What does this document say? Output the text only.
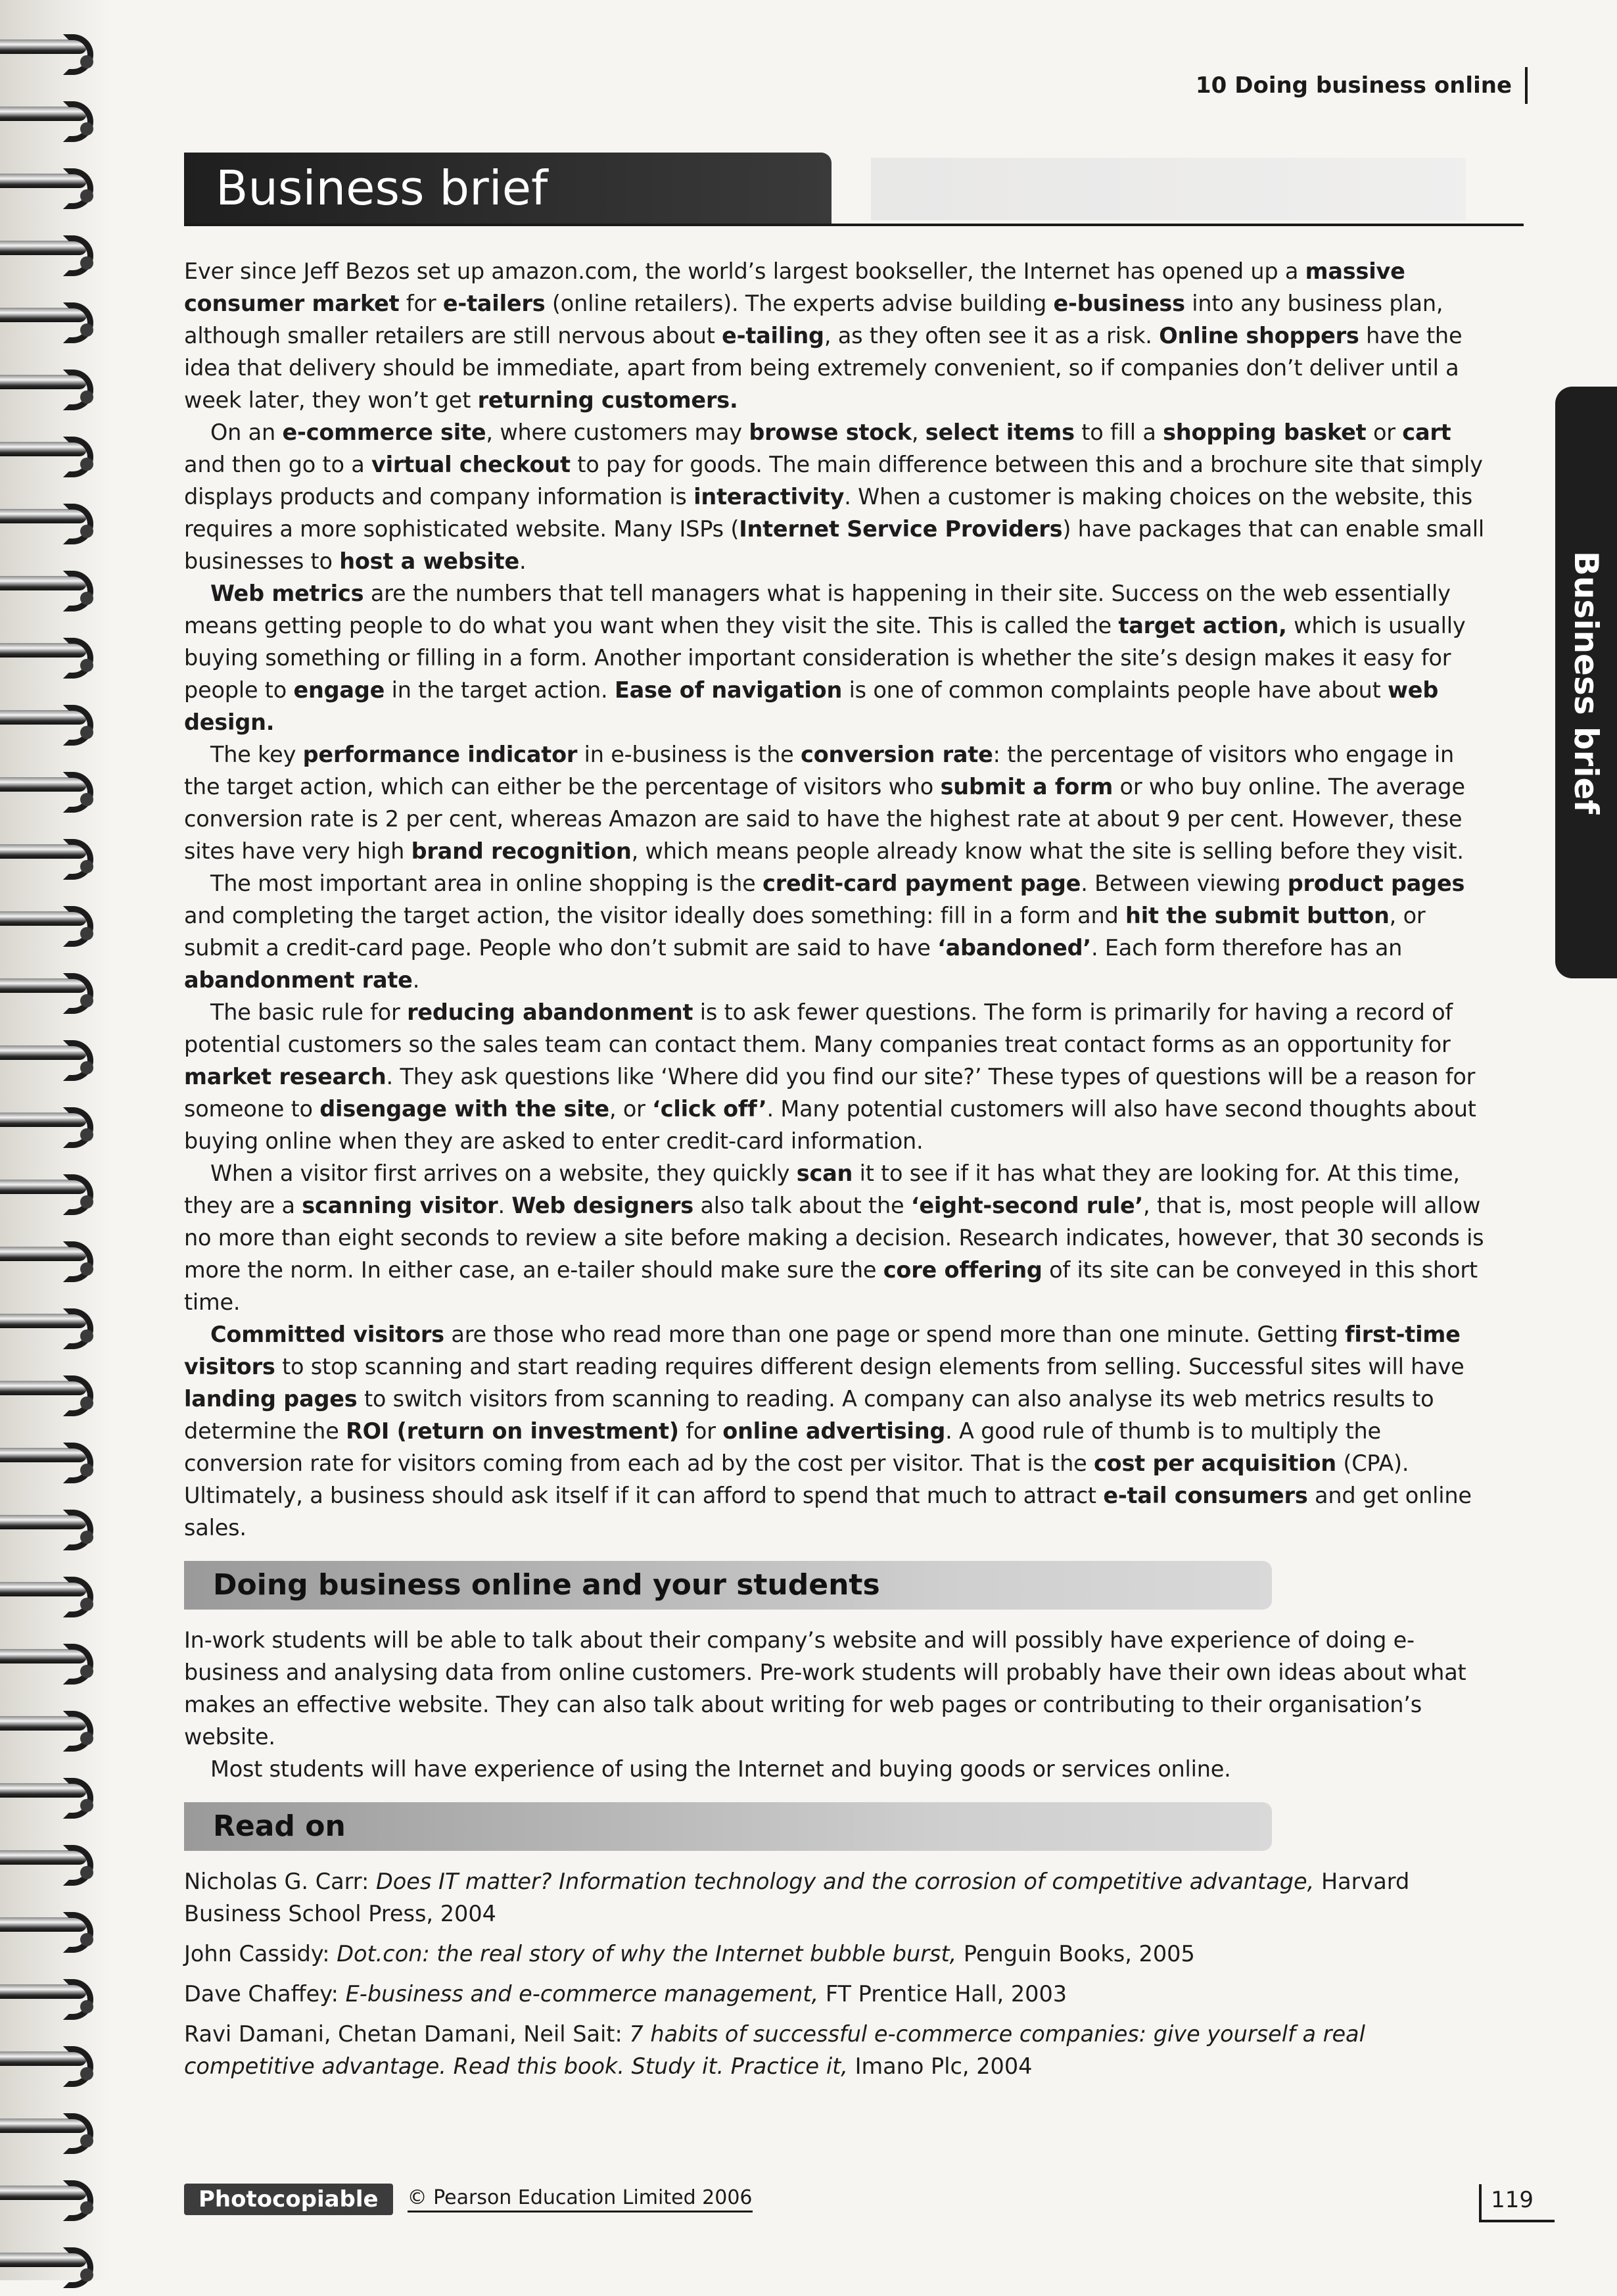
10 Doing business online
Business brief
Business brief

Ever since Jeff Bezos set up amazon.com, the world’s largest bookseller, the Internet has opened up a massive consumer market for e-tailers (online retailers). The experts advise building e-business into any business plan, although smaller retailers are still nervous about e-tailing, as they often see it as a risk. Online shoppers have the idea that delivery should be immediate, apart from being extremely convenient, so if companies don’t deliver until a week later, they won’t get returning customers.

On an e-commerce site, where customers may browse stock, select items to fill a shopping basket or cart and then go to a virtual checkout to pay for goods. The main difference between this and a brochure site that simply displays products and company information is interactivity. When a customer is making choices on the website, this requires a more sophisticated website. Many ISPs (Internet Service Providers) have packages that can enable small businesses to host a website.

Web metrics are the numbers that tell managers what is happening in their site. Success on the web essentially means getting people to do what you want when they visit the site. This is called the target action, which is usually buying something or filling in a form. Another important consideration is whether the site’s design makes it easy for people to engage in the target action. Ease of navigation is one of common complaints people have about web design.

The key performance indicator in e-business is the conversion rate: the percentage of visitors who engage in the target action, which can either be the percentage of visitors who submit a form or who buy online. The average conversion rate is 2 per cent, whereas Amazon are said to have the highest rate at about 9 per cent. However, these sites have very high brand recognition, which means people already know what the site is selling before they visit.

The most important area in online shopping is the credit-card payment page. Between viewing product pages and completing the target action, the visitor ideally does something: fill in a form and hit the submit button, or submit a credit-card page. People who don’t submit are said to have ‘abandoned’. Each form therefore has an abandonment rate.

The basic rule for reducing abandonment is to ask fewer questions. The form is primarily for having a record of potential customers so the sales team can contact them. Many companies treat contact forms as an opportunity for market research. They ask questions like ‘Where did you find our site?’ These types of questions will be a reason for someone to disengage with the site, or ‘click off’. Many potential customers will also have second thoughts about buying online when they are asked to enter credit-card information.

When a visitor first arrives on a website, they quickly scan it to see if it has what they are looking for. At this time, they are a scanning visitor. Web designers also talk about the ‘eight-second rule’, that is, most people will allow no more than eight seconds to review a site before making a decision. Research indicates, however, that 30 seconds is more the norm. In either case, an e-tailer should make sure the core offering of its site can be conveyed in this short time.

Committed visitors are those who read more than one page or spend more than one minute. Getting first-time visitors to stop scanning and start reading requires different design elements from selling. Successful sites will have landing pages to switch visitors from scanning to reading. A company can also analyse its web metrics results to determine the ROI (return on investment) for online advertising. A good rule of thumb is to multiply the conversion rate for visitors coming from each ad by the cost per visitor. That is the cost per acquisition (CPA). Ultimately, a business should ask itself if it can afford to spend that much to attract e-tail consumers and get online sales.

Doing business online and your students

In-work students will be able to talk about their company’s website and will possibly have experience of doing e-business and analysing data from online customers. Pre-work students will probably have their own ideas about what makes an effective website. They can also talk about writing for web pages or contributing to their organisation’s website.

Most students will have experience of using the Internet and buying goods or services online.

Read on

Nicholas G. Carr: Does IT matter? Information technology and the corrosion of competitive advantage, Harvard Business School Press, 2004

John Cassidy: Dot.con: the real story of why the Internet bubble burst, Penguin Books, 2005

Dave Chaffey: E-business and e-commerce management, FT Prentice Hall, 2003

Ravi Damani, Chetan Damani, Neil Sait: 7 habits of successful e-commerce companies: give yourself a real competitive advantage. Read this book. Study it. Practice it, Imano Plc, 2004

Photocopiable	© Pearson Education Limited 2006	119
